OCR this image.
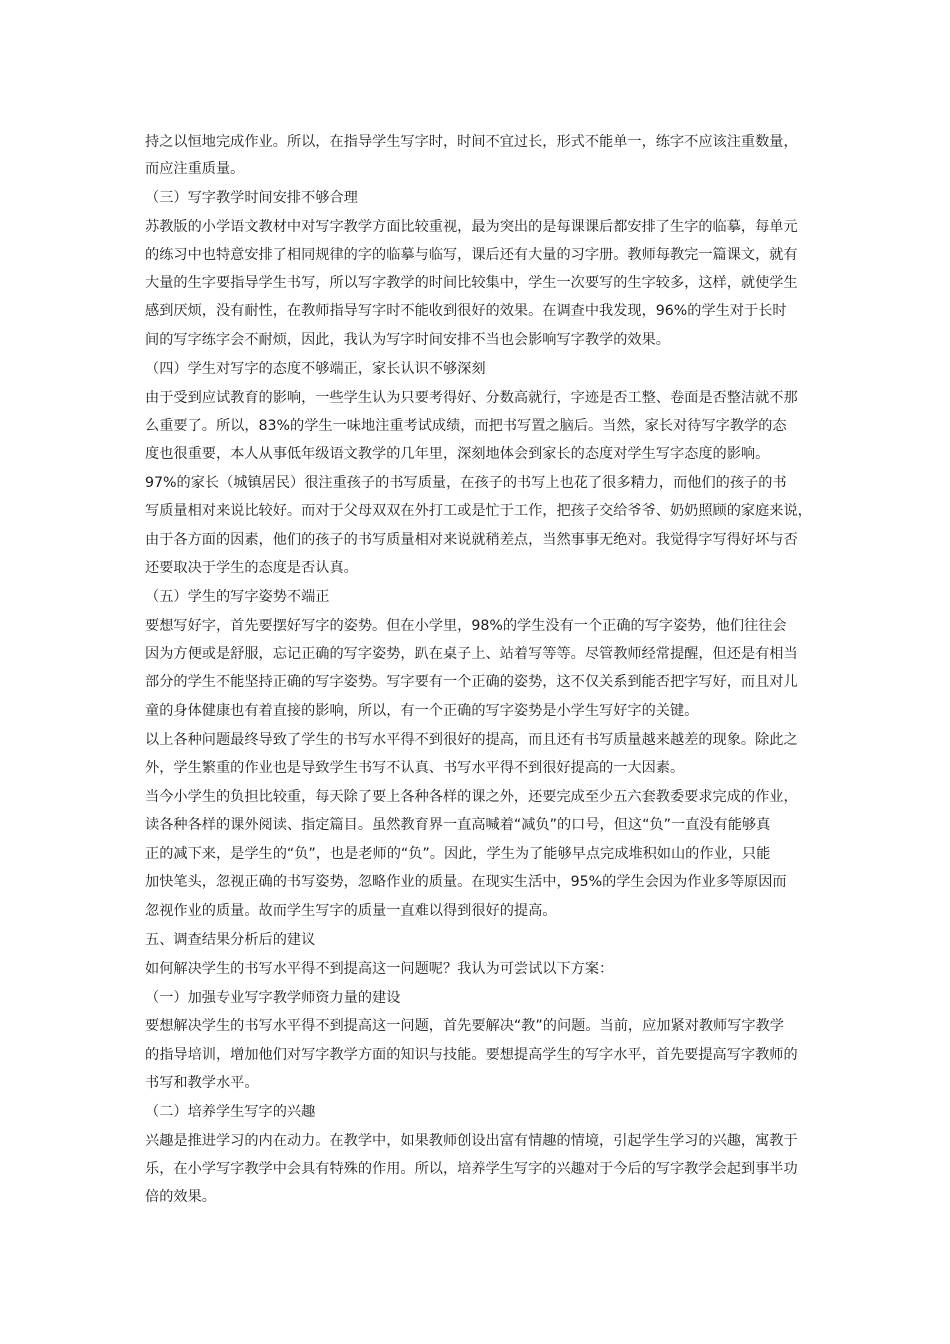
持之以恒地完成作业。所以，在指导学生写字时，时间不宜过长，形式不能单一，练字不应该注重数量，

而应注重质量。

（三）写字教学时间安排不够合理

苏教版的小学语文教材中对写字教学方面比较重视，最为突出的是每课课后都安排了生字的临摹，每单元

的练习中也特意安排了相同规律的字的临摹与临写，课后还有大量的习字册。教师每教完一篇课文，就有

大量的生字要指导学生书写，所以写字教学的时间比较集中，学生一次要写的生字较多，这样，就使学生

感到厌烦，没有耐性，在教师指导写字时不能收到很好的效果。在调查中我发现，96%的学生对于长时

间的写字练字会不耐烦，因此，我认为写字时间安排不当也会影响写字教学的效果。

（四）学生对写字的态度不够端正，家长认识不够深刻

由于受到应试教育的影响，一些学生认为只要考得好、分数高就行，字迹是否工整、卷面是否整洁就不那

么重要了。所以，83%的学生一味地注重考试成绩，而把书写置之脑后。当然，家长对待写字教学的态

度也很重要，本人从事低年级语文教学的几年里，深刻地体会到家长的态度对学生写字态度的影响。

97%的家长（城镇居民）很注重孩子的书写质量，在孩子的书写上也花了很多精力，而他们的孩子的书

写质量相对来说比较好。而对于父母双双在外打工或是忙于工作，把孩子交给爷爷、奶奶照顾的家庭来说，

由于各方面的因素，他们的孩子的书写质量相对来说就稍差点，当然事事无绝对。我觉得字写得好坏与否

还要取决于学生的态度是否认真。

（五）学生的写字姿势不端正

要想写好字，首先要摆好写字的姿势。但在小学里，98%的学生没有一个正确的写字姿势，他们往往会

因为方便或是舒服，忘记正确的写字姿势，趴在桌子上、站着写等等。尽管教师经常提醒，但还是有相当

部分的学生不能坚持正确的写字姿势。写字要有一个正确的姿势，这不仅关系到能否把字写好，而且对儿

童的身体健康也有着直接的影响，所以，有一个正确的写字姿势是小学生写好字的关键。

以上各种问题最终导致了学生的书写水平得不到很好的提高，而且还有书写质量越来越差的现象。除此之

外，学生繁重的作业也是导致学生书写不认真、书写水平得不到很好提高的一大因素。

当今小学生的负担比较重，每天除了要上各种各样的课之外，还要完成至少五六套教委要求完成的作业，

读各种各样的课外阅读、指定篇目。虽然教育界一直高喊着“减负”的口号，但这“负”一直没有能够真

正的减下来，是学生的“负”，也是老师的“负”。因此，学生为了能够早点完成堆积如山的作业，只能

加快笔头，忽视正确的书写姿势，忽略作业的质量。在现实生活中，95%的学生会因为作业多等原因而

忽视作业的质量。故而学生写字的质量一直难以得到很好的提高。

五、调查结果分析后的建议

如何解决学生的书写水平得不到提高这一问题呢？我认为可尝试以下方案：

（一）加强专业写字教学师资力量的建设

要想解决学生的书写水平得不到提高这一问题，首先要解决“教”的问题。当前，应加紧对教师写字教学

的指导培训，增加他们对写字教学方面的知识与技能。要想提高学生的写字水平，首先要提高写字教师的

书写和教学水平。

（二）培养学生写字的兴趣

兴趣是推进学习的内在动力。在教学中，如果教师创设出富有情趣的情境，引起学生学习的兴趣，寓教于

乐，在小学写字教学中会具有特殊的作用。所以，培养学生写字的兴趣对于今后的写字教学会起到事半功

倍的效果。
